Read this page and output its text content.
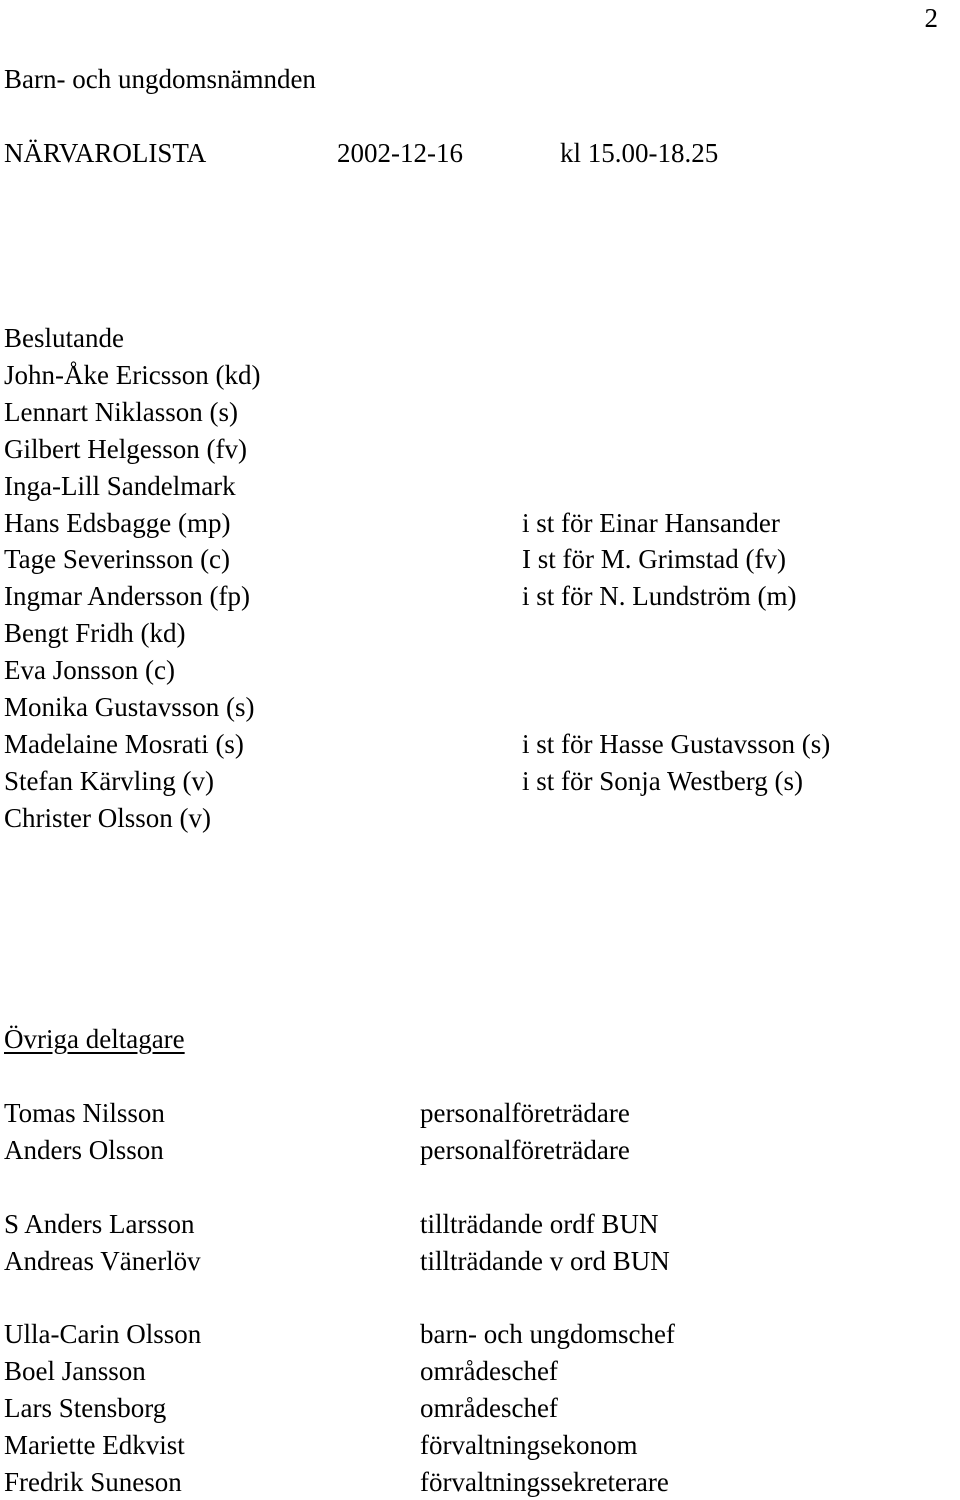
2
Barn- och ungdomsnämnden
NÄRVAROLISTA	2002-12-16	kl 15.00-18.25
Beslutande
John-Åke Ericsson (kd)
Lennart Niklasson (s)
Gilbert Helgesson (fv)
Inga-Lill Sandelmark
Hans Edsbagge (mp)
Tage Severinsson (c)
Ingmar Andersson (fp)
Bengt Fridh (kd)
Eva Jonsson (c)
Monika Gustavsson (s)
Madelaine Mosrati (s)
Stefan Kärvling (v)
Christer Olsson (v)
i st för Einar Hansander
I st för M. Grimstad (fv)
i st för N. Lundström (m)
i st för Hasse Gustavsson (s)
i st för Sonja Westberg (s)
Övriga deltagare
Tomas Nilsson
Anders Olsson
personalföreträdare
personalföreträdare
S Anders Larsson
Andreas Vänerlöv
tillträdande ordf BUN
tillträdande v ord BUN
Ulla-Carin Olsson
Boel Jansson
Lars Stensborg
Mariette Edkvist
Fredrik Suneson
barn- och ungdomschef
områdeschef
områdeschef
förvaltningsekonom
förvaltningssekreterare
